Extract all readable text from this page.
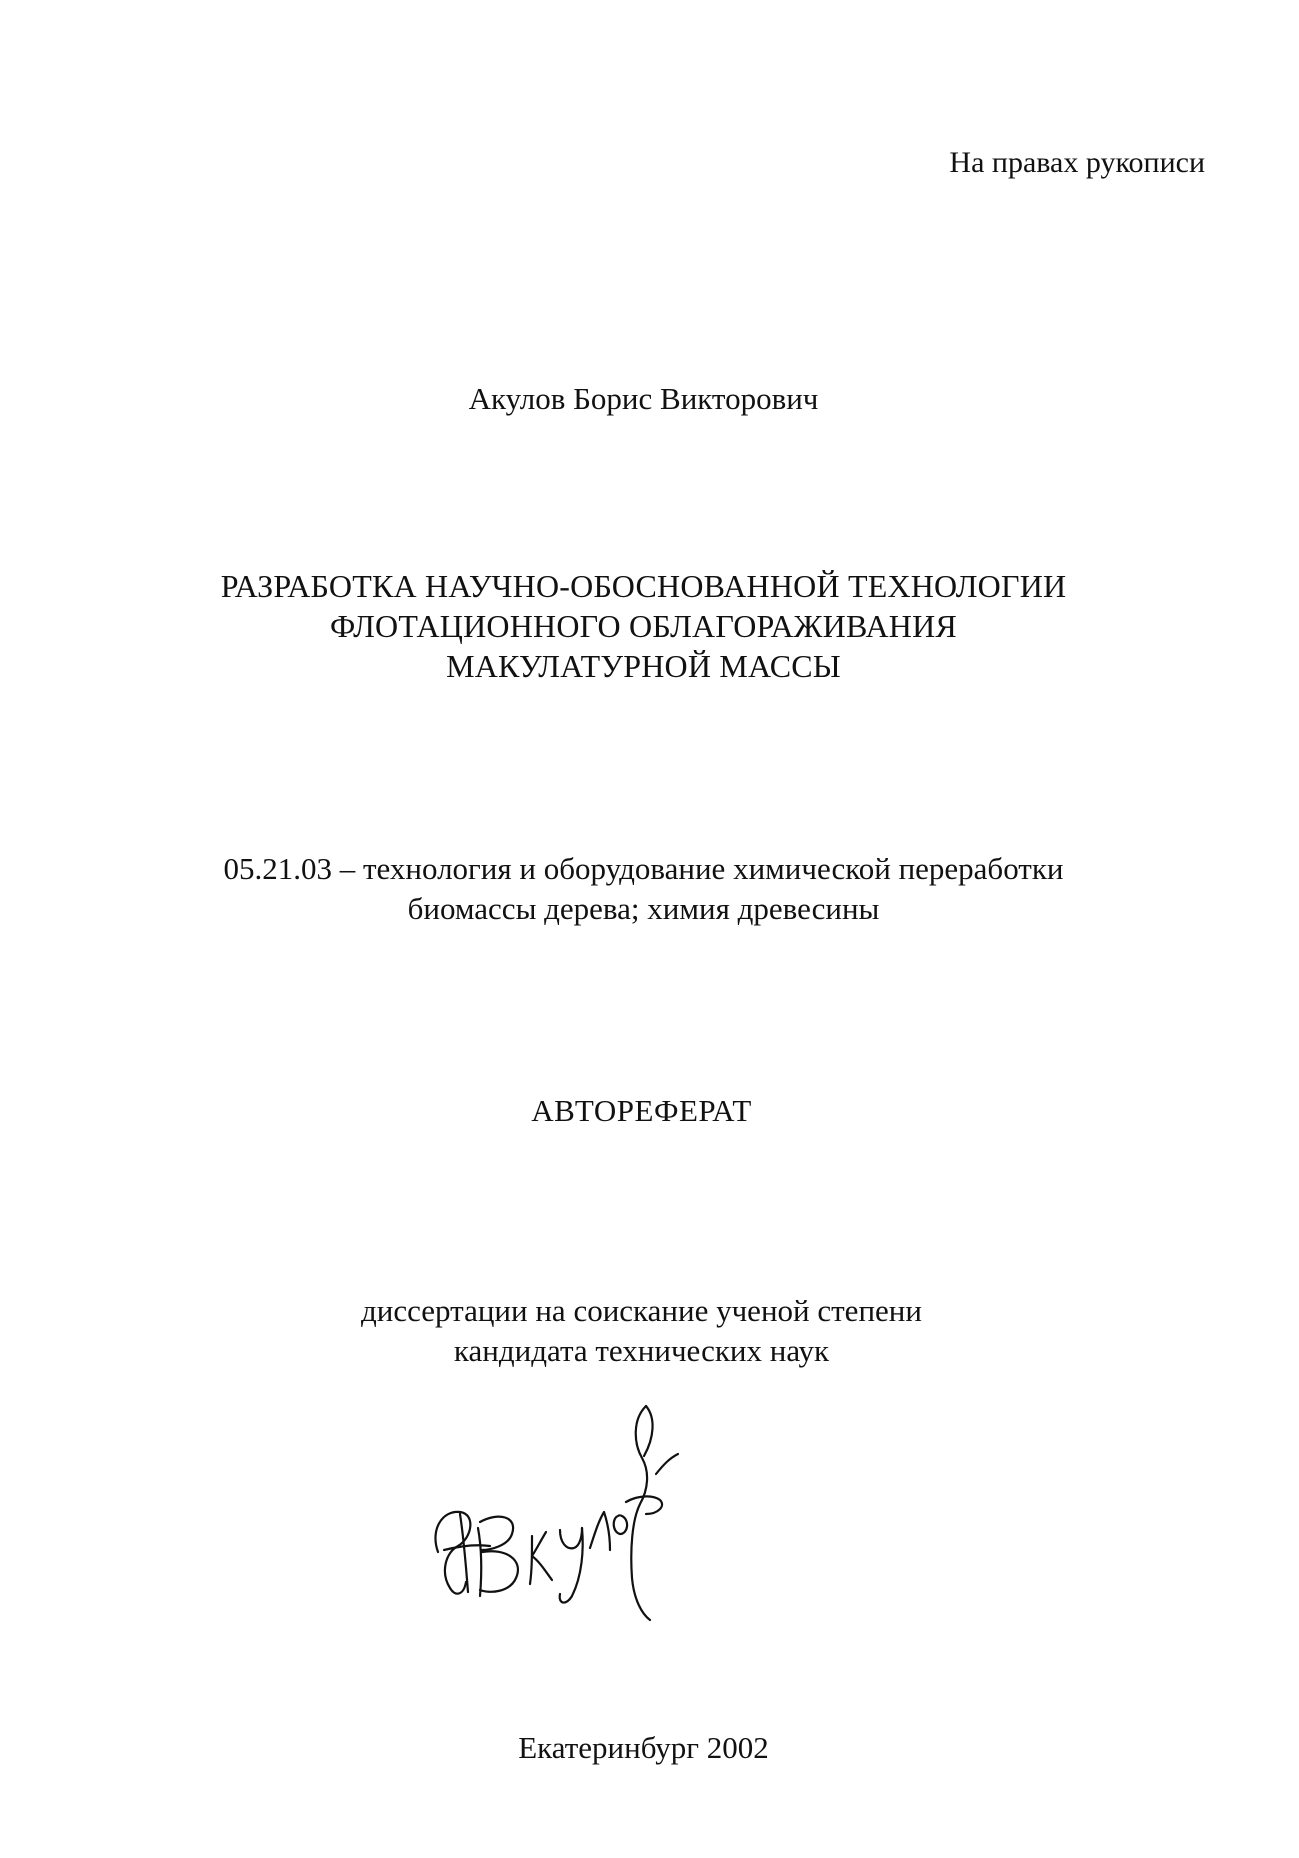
На правах рукописи
Акулов Борис Викторович
РАЗРАБОТКА НАУЧНО-ОБОСНОВАННОЙ ТЕХНОЛОГИИ
ФЛОТАЦИОННОГО ОБЛАГОРАЖИВАНИЯ
МАКУЛАТУРНОЙ МАССЫ
05.21.03 – технология и оборудование химической переработки
биомассы дерева; химия древесины
АВТОРЕФЕРАТ
диссертации на соискание ученой степени
кандидата технических наук
Екатеринбург 2002
